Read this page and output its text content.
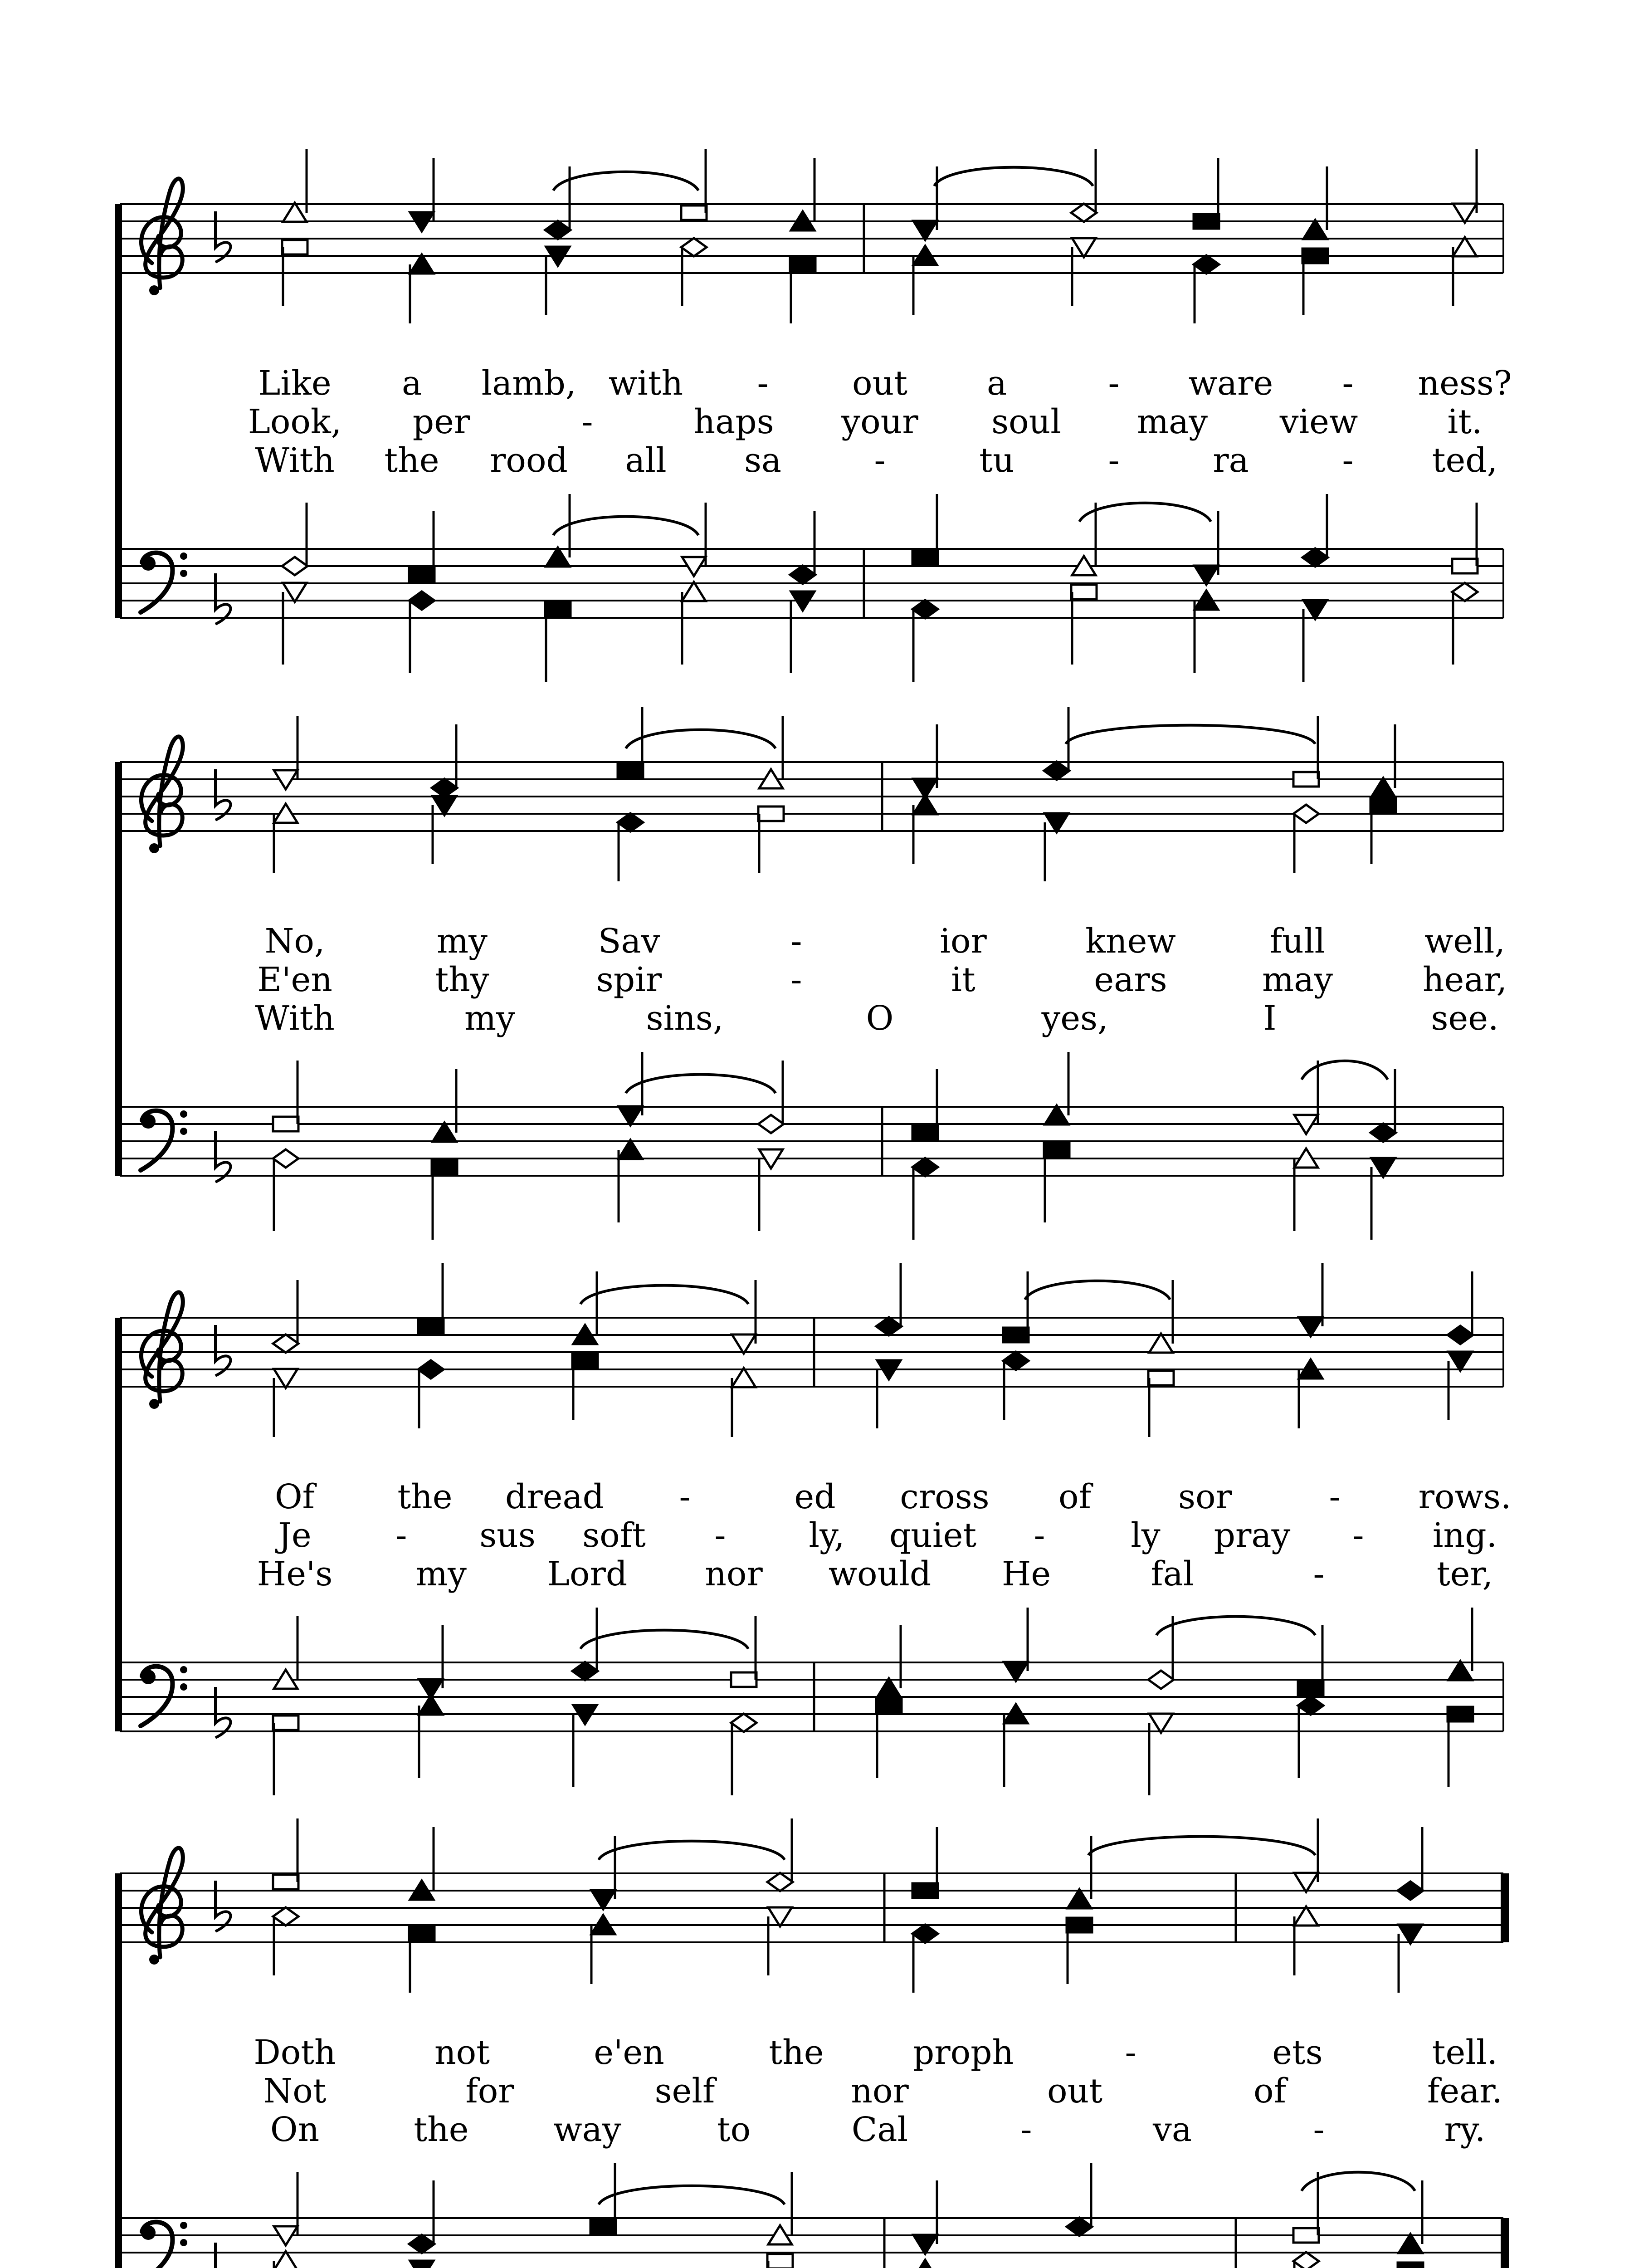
Like a lamb, with - out a	- ware - ness?
Look, per	-	haps your soul may view	it.
With the rood all sa	-	tu	-	ra	- ted,
No,	my	Sav	-	ior	knew	full	well,
E'en	thy	spir	-	it	ears	may	hear,
With	my	sins,	O	yes,	I	see.
Of the dread -	ed cross of	sor	- rows.
Je	- sus soft - ly, quiet -	ly pray - ing.
He's my Lord nor would He	fal	-	ter,
Doth	not	e'en	the	proph	-	ets	tell.
Not	for	self	nor	out	of	fear.
On	the	way	to	Cal	-	va	-	ry.
